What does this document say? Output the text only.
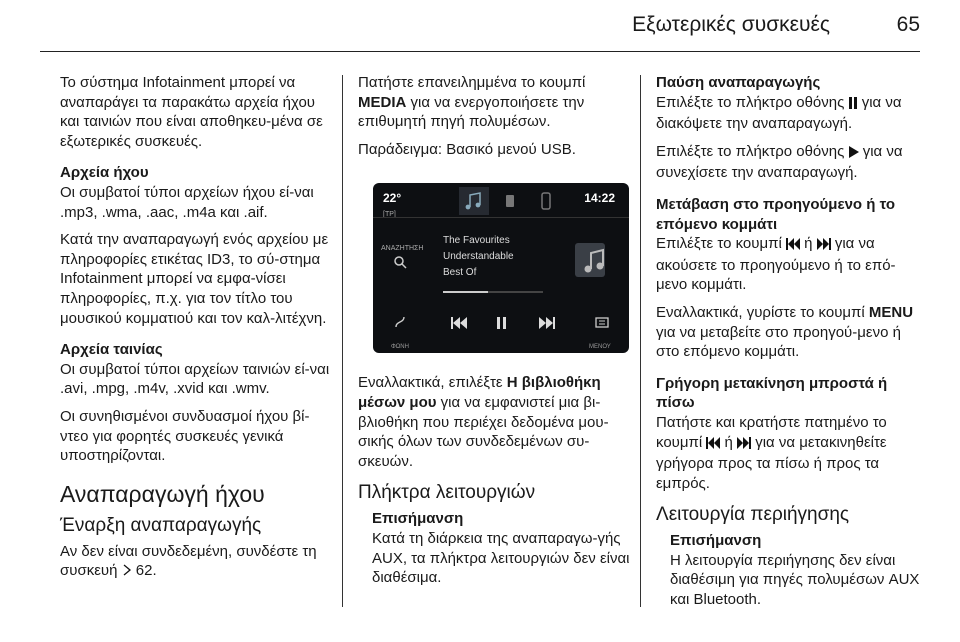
Εξωτερικές συσκευές	65

Το σύστημα Infotainment μπορεί να αναπαράγει τα παρακάτω αρχεία ήχου και ταινιών που είναι αποθηκευ-μένα σε εξωτερικές συσκευές.

Αρχεία ήχου
Οι συμβατοί τύποι αρχείων ήχου εί-ναι .mp3, .wma, .aac, .m4a και .aif.

Κατά την αναπαραγωγή ενός αρχείου με πληροφορίες ετικέτας ID3, το σύ-στημα Infotainment μπορεί να εμφα-νίσει πληροφορίες, π.χ. για τον τίτλο του μουσικού κομματιού και τον καλ-λιτέχνη.

Αρχεία ταινίας
Οι συμβατοί τύποι αρχείων ταινιών εί-ναι .avi, .mpg, .m4v, .xvid και .wmv.

Οι συνηθισμένοι συνδυασμοί ήχου βί-ντεο για φορητές συσκευές γενικά υποστηρίζονται.

Αναπαραγωγή ήχου
Έναρξη αναπαραγωγής

Αν δεν είναι συνδεδεμένη, συνδέστε τη συσκευή 62.

Πατήστε επανειλημμένα το κουμπί MEDIA για να ενεργοποιήσετε την επιθυμητή πηγή πολυμέσων.

Παράδειγμα: Βασικό μενού USB.

22°
[TP]
14:22
ΑΝΑΖΗΤΗΣΗ
The Favourites
Understandable
Best Of
ΦΩΝΗ	ΜΕΝΟΥ

Εναλλακτικά, επιλέξτε Η βιβλιοθήκη μέσων μου για να εμφανιστεί μια βι-βλιοθήκη που περιέχει δεδομένα μου-σικής όλων των συνδεδεμένων συ-σκευών.

Πλήκτρα λειτουργιών
Επισήμανση
Κατά τη διάρκεια της αναπαραγω-γής AUX, τα πλήκτρα λειτουργιών δεν είναι διαθέσιμα.

Παύση αναπαραγωγής
Επιλέξτε το πλήκτρο οθόνης για να διακόψετε την αναπαραγωγή.

Επιλέξτε το πλήκτρο οθόνης για να συνεχίσετε την αναπαραγωγή.

Μετάβαση στο προηγούμενο ή το επόμενο κομμάτι
Επιλέξτε το κουμπί ή για να ακούσετε το προηγούμενο ή το επό-μενο κομμάτι.

Εναλλακτικά, γυρίστε το κουμπί MENU για να μεταβείτε στο προηγού-μενο ή στο επόμενο κομμάτι.

Γρήγορη μετακίνηση μπροστά ή πίσω
Πατήστε και κρατήστε πατημένο το κουμπί ή για να μετακινηθείτε γρήγορα προς τα πίσω ή προς τα εμπρός.

Λειτουργία περιήγησης
Επισήμανση
Η λειτουργία περιήγησης δεν είναι διαθέσιμη για πηγές πολυμέσων AUX και Bluetooth.
